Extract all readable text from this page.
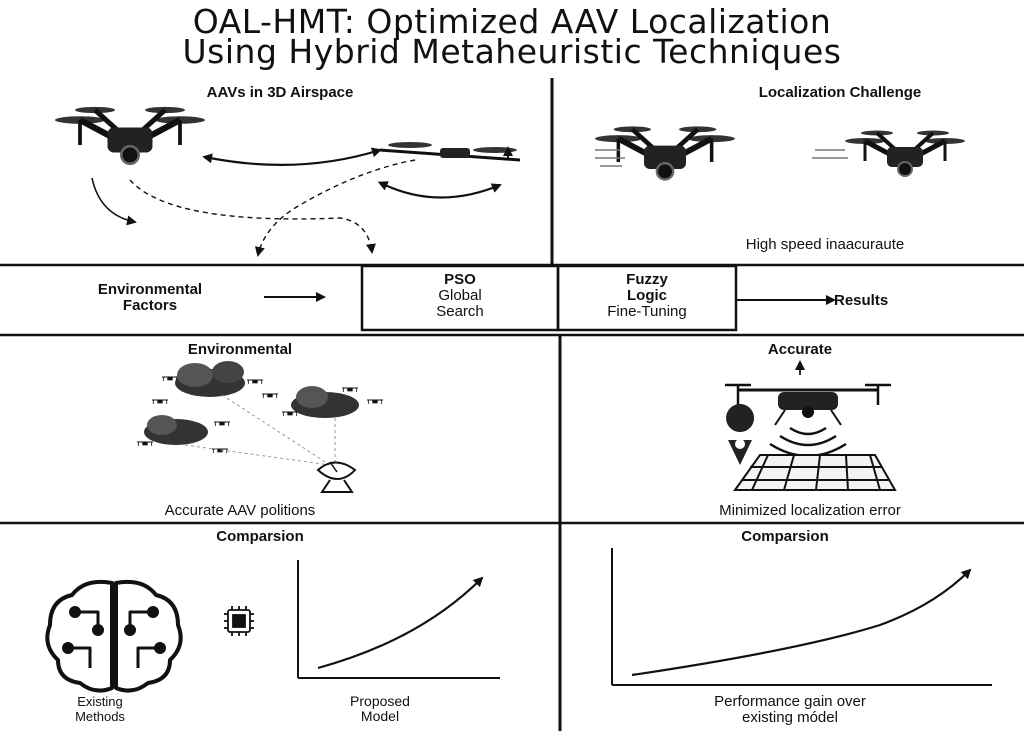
OAL-HMT: Optimized AAV Localization
Using Hybrid Metaheuristic Techniques
AAVs in 3D Airspace	Localization Challenge
High speed inaacuraute
Environmental
Factors
PSO
Global
Search
Fuzzy
Logic
Fine-Tuning
Results
Environmental
Accurate AAV politions
Accurate
Minimized localization error
Comparsion
Existing
Methods
Proposed
Model
Comparsion
Performance gain over
existing módel
